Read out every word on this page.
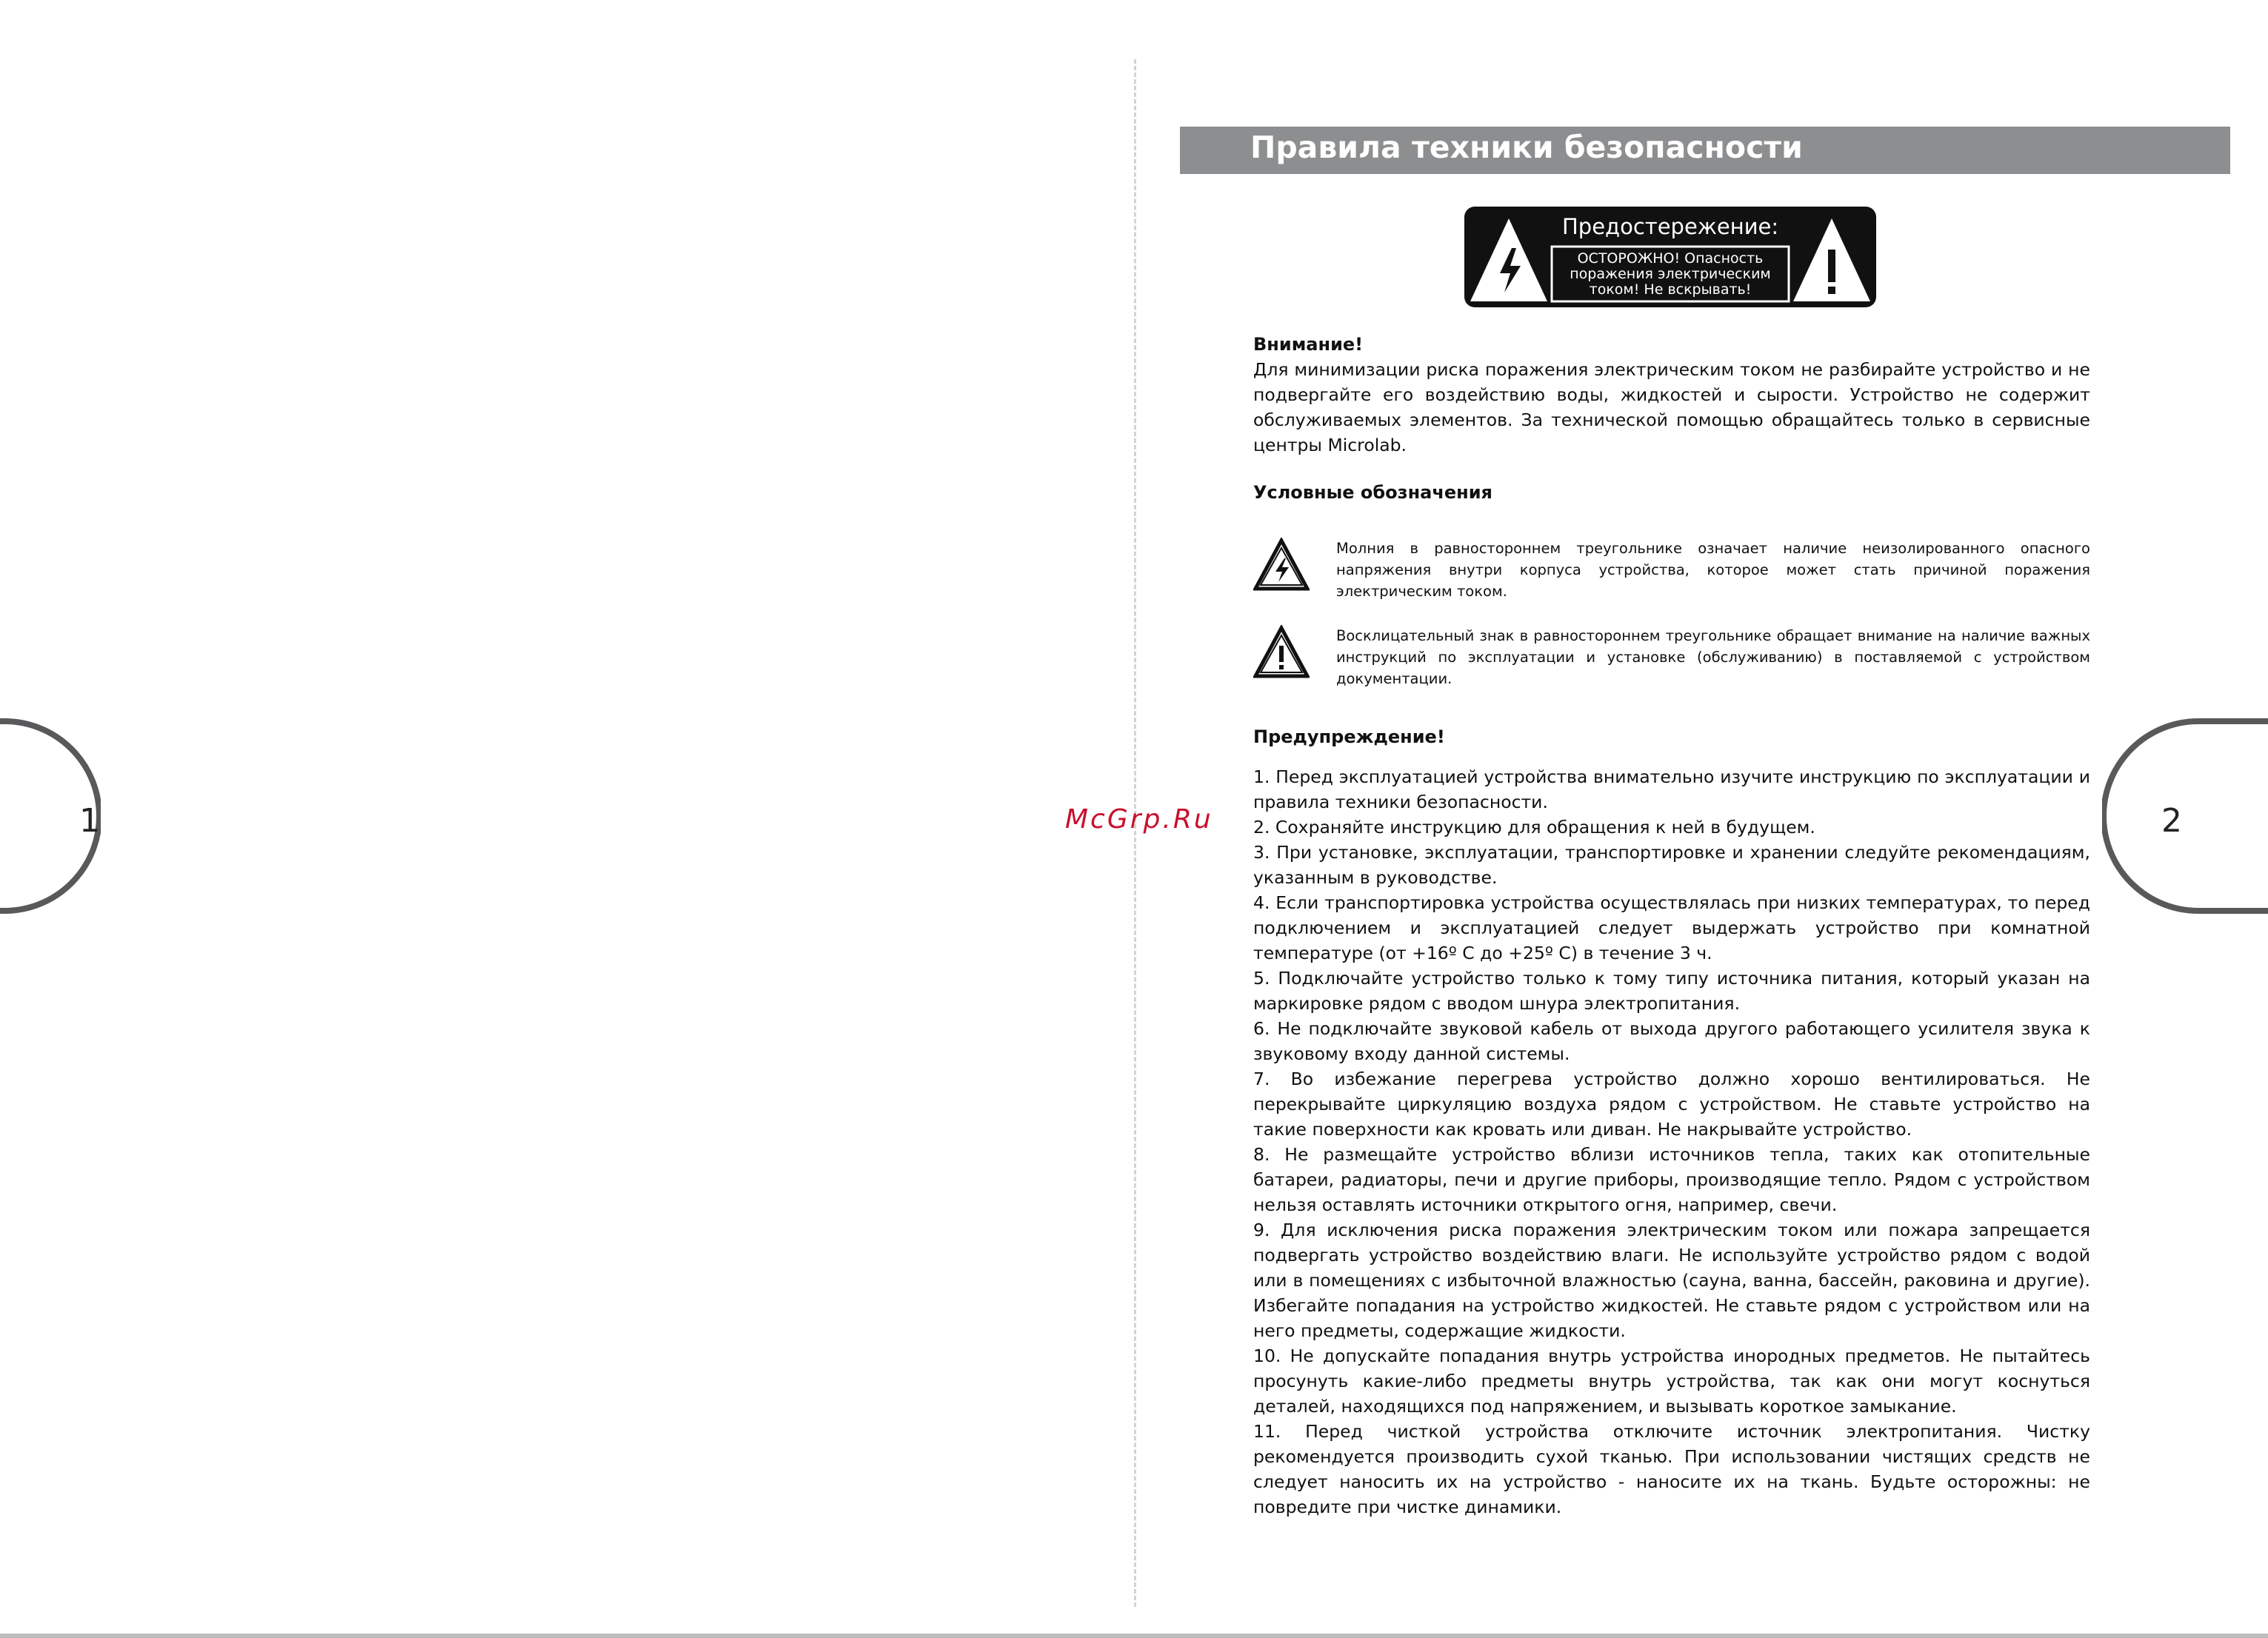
1	2
McGrp.Ru
Правила техники безопасности
Предостережение:
ОСТОРОЖНО! Опасность поражения электрическим током! Не вскрывать!
Внимание!
Для минимизации риска поражения электрическим током не разбирайте устройство и не подвергайте его воздействию воды, жидкостей и сырости. Устройство не содержит обслуживаемых элементов. За технической помощью обращайтесь только в сервисные центры Microlab.
Условные обозначения
Молния в равностороннем треугольнике означает наличие неизолированного опасного напряжения внутри корпуса устройства, которое может стать причиной поражения электрическим током.
Восклицательный знак в равностороннем треугольнике обращает внимание на наличие важных инструкций по эксплуатации и установке (обслуживанию) в поставляемой с устройством документации.
Предупреждение!
1. Перед эксплуатацией устройства внимательно изучите инструкцию по эксплуатации и правила техники безопасности.
2. Сохраняйте инструкцию для обращения к ней в будущем.
3. При установке, эксплуатации, транспортировке и хранении следуйте рекомендациям, указанным в руководстве.
4. Если транспортировка устройства осуществлялась при низких температурах, то перед подключением и эксплуатацией следует выдержать устройство при комнатной температуре (от +16º С до +25º С) в течение 3 ч.
5. Подключайте устройство только к тому типу источника питания, который указан на маркировке рядом с вводом шнура электропитания.
6. Не подключайте звуковой кабель от выхода другого работающего усилителя звука к звуковому входу данной системы.
7. Во избежание перегрева устройство должно хорошо вентилироваться. Не перекрывайте циркуляцию воздуха рядом с устройством. Не ставьте устройство на такие поверхности как кровать или диван. Не накрывайте устройство.
8. Не размещайте устройство вблизи источников тепла, таких как отопительные батареи, радиаторы, печи и другие приборы, производящие тепло. Рядом с устройством нельзя оставлять источники открытого огня, например, свечи.
9. Для исключения риска поражения электрическим током или пожара запрещается подвергать устройство воздействию влаги. Не используйте устройство рядом с водой или в помещениях с избыточной влажностью (сауна, ванна, бассейн, раковина и другие). Избегайте попадания на устройство жидкостей. Не ставьте рядом с устройством или на него предметы, содержащие жидкости.
10. Не допускайте попадания внутрь устройства инородных предметов. Не пытайтесь просунуть какие-либо предметы внутрь устройства, так как они могут коснуться деталей, находящихся под напряжением, и вызывать короткое замыкание.
11. Перед чисткой устройства отключите источник электропитания. Чистку рекомендуется производить сухой тканью. При использовании чистящих средств не следует наносить их на устройство - наносите их на ткань. Будьте осторожны: не повредите при чистке динамики.
